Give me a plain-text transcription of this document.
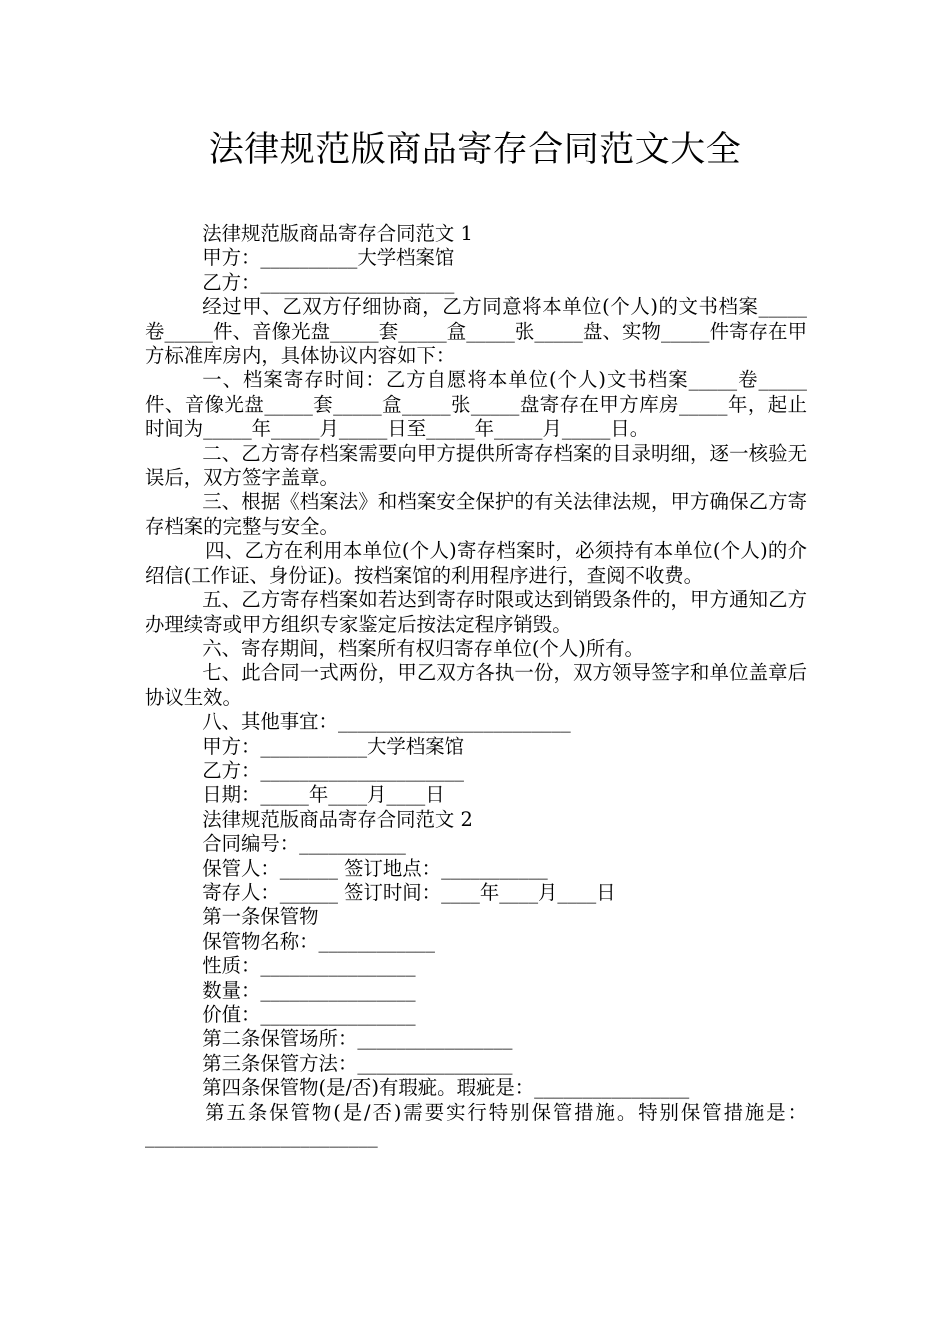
法律规范版商品寄存合同范文大全

法律规范版商品寄存合同范文 1

甲方：__________大学档案馆

乙方：____________________

经过甲、乙双方仔细协商，乙方同意将本单位(个人)的文书档案_____卷_____件、音像光盘_____套_____盒_____张_____盘、实物_____件寄存在甲方标准库房内，具体协议内容如下：

一、档案寄存时间：乙方自愿将本单位(个人)文书档案_____卷_____件、音像光盘_____套_____盒_____张_____盘寄存在甲方库房_____年，起止时间为_____年_____月_____日至_____年_____月_____日。

二、乙方寄存档案需要向甲方提供所寄存档案的目录明细，逐一核验无误后，双方签字盖章。

三、根据《档案法》和档案安全保护的有关法律法规，甲方确保乙方寄存档案的完整与安全。

四、乙方在利用本单位(个人)寄存档案时，必须持有本单位(个人)的介绍信(工作证、身份证)。按档案馆的利用程序进行，查阅不收费。

五、乙方寄存档案如若达到寄存时限或达到销毁条件的，甲方通知乙方办理续寄或甲方组织专家鉴定后按法定程序销毁。

六、寄存期间，档案所有权归寄存单位(个人)所有。

七、此合同一式两份，甲乙双方各执一份，双方领导签字和单位盖章后协议生效。

八、其他事宜：________________________

甲方：___________大学档案馆

乙方：_____________________

日期：_____年____月____日

法律规范版商品寄存合同范文 2

合同编号：___________

保管人：______ 签订地点：___________

寄存人：______ 签订时间：____年____月____日

第一条保管物

保管物名称：____________

性质：________________

数量：________________

价值：________________

第二条保管场所：________________

第三条保管方法：________________

第四条保管物(是/否)有瑕疵。瑕疵是：________________

第五条保管物(是/否)需要实行特别保管措施。特别保管措施是：________________________
